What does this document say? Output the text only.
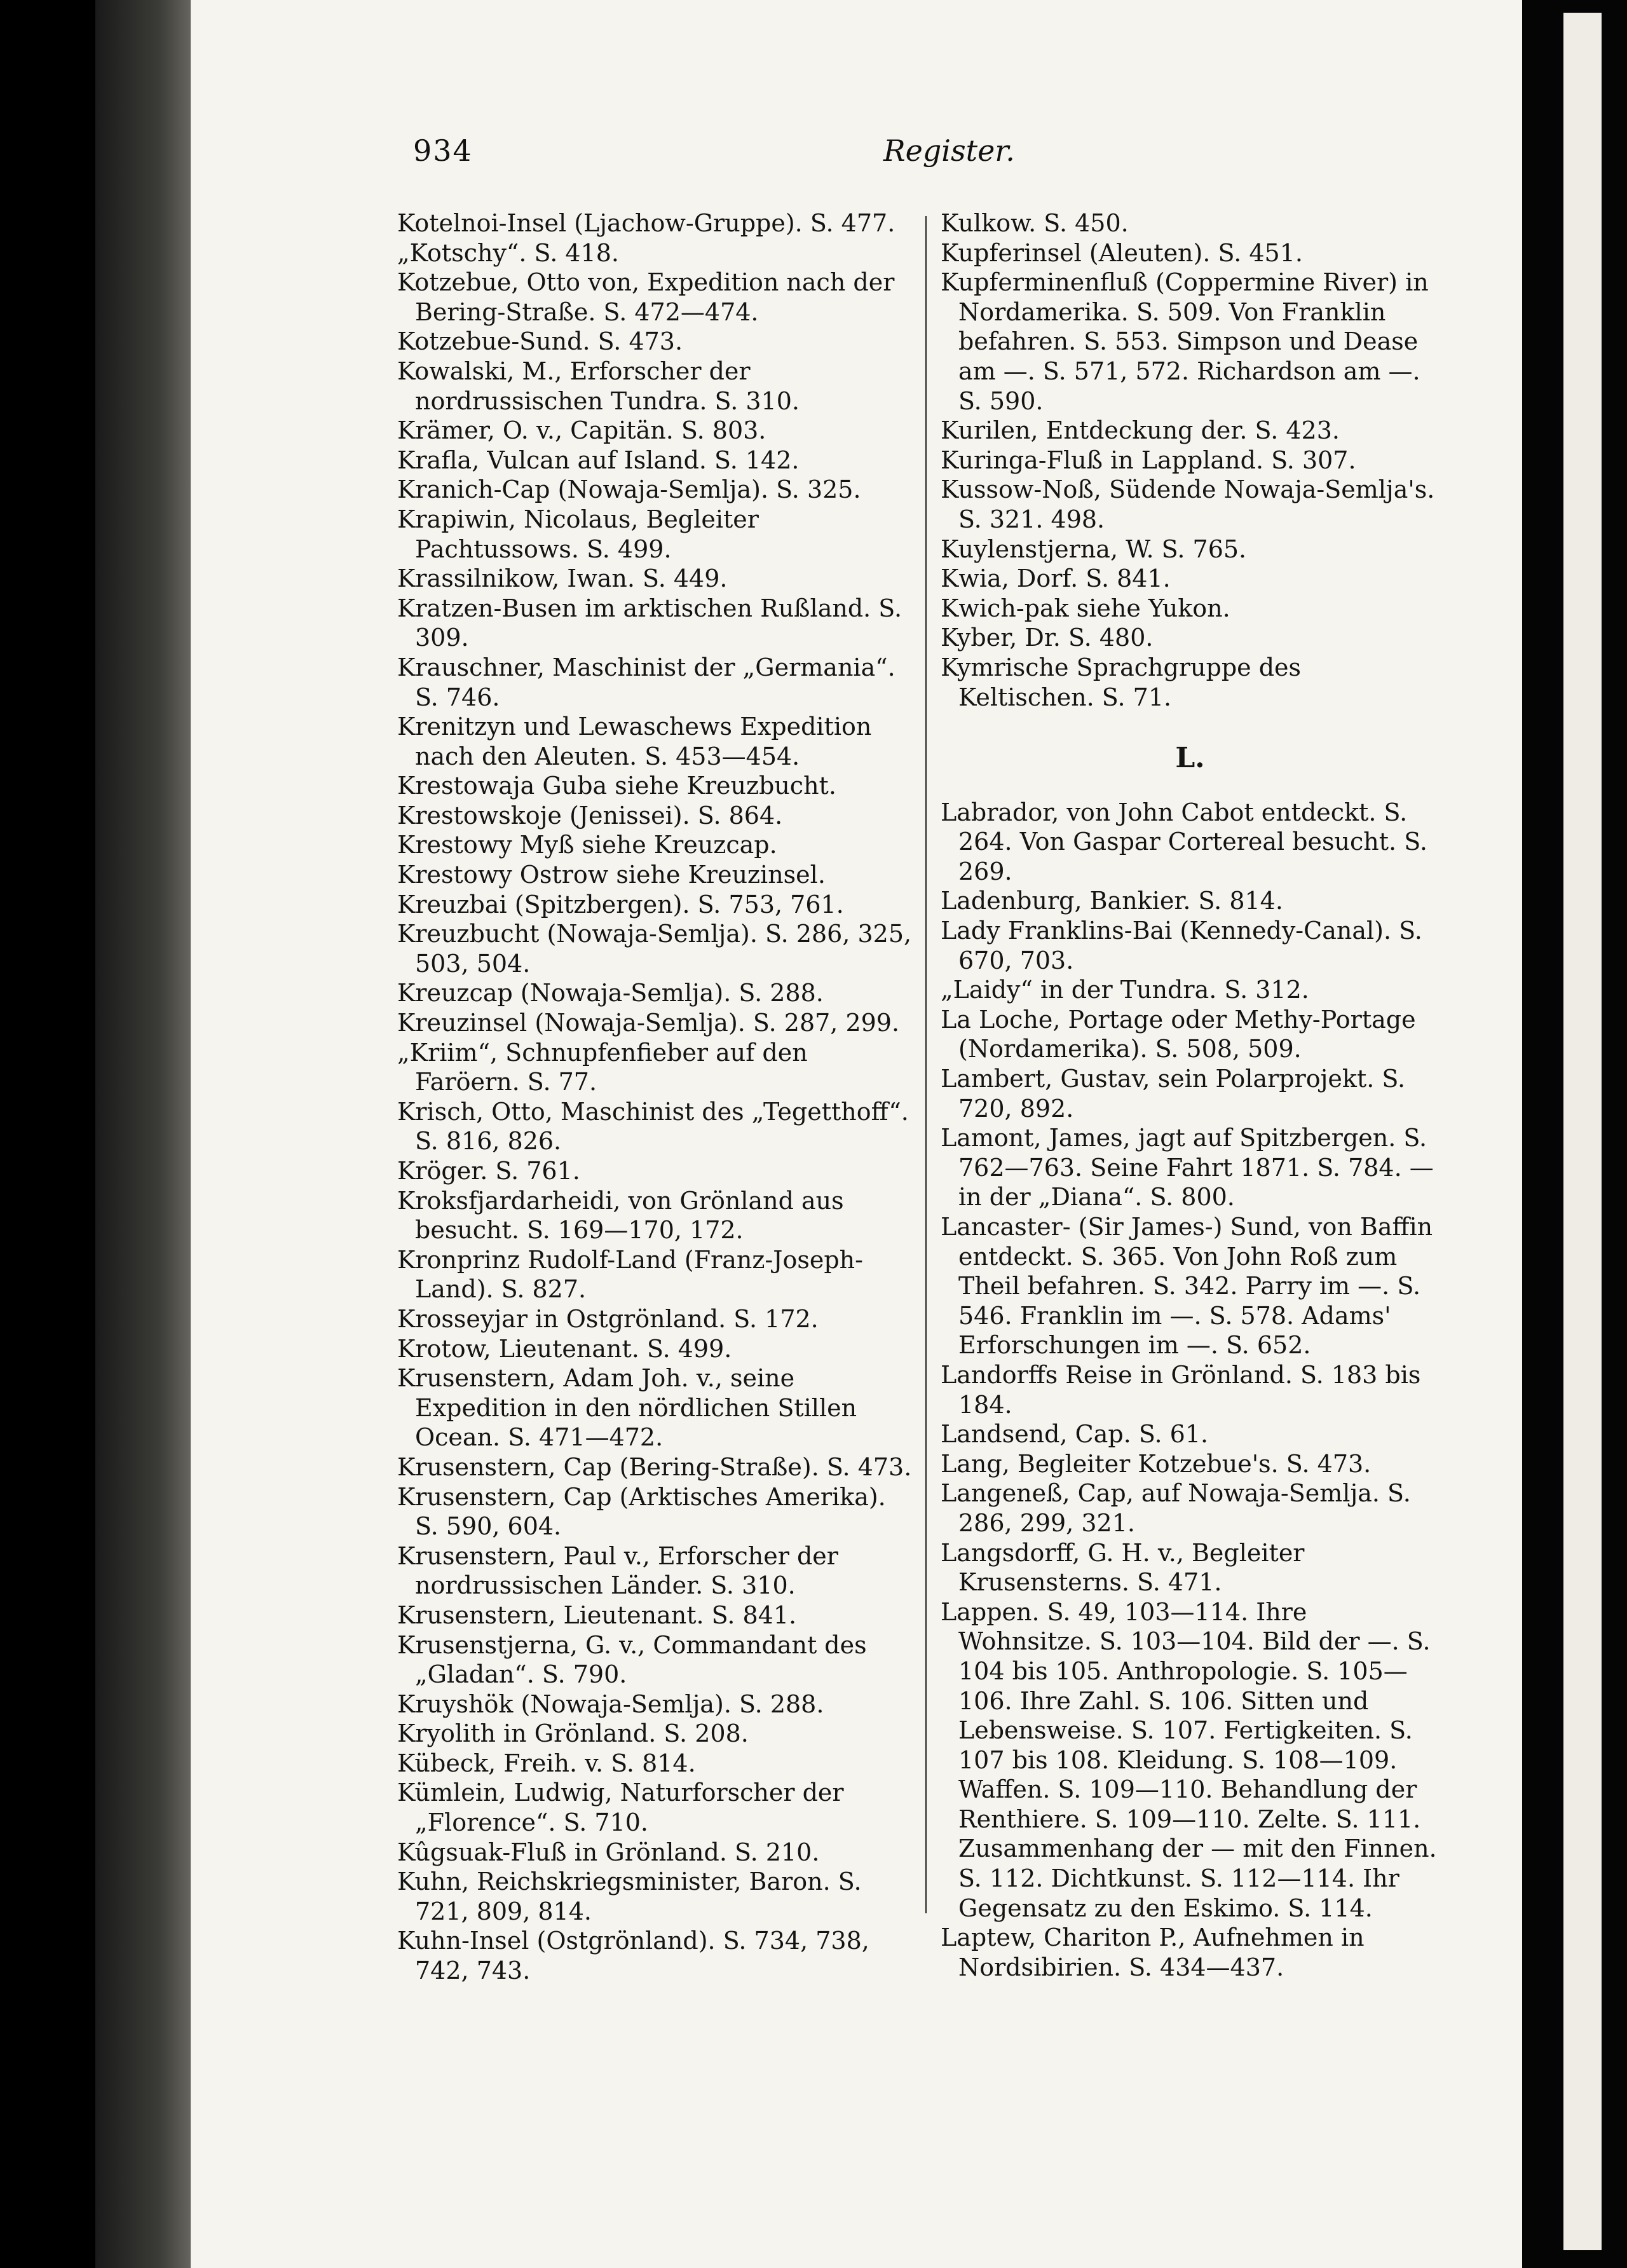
934	Register.

Kotelnoi-Insel (Ljachow-Gruppe). S. 477.

„Kotschy“. S. 418.

Kotzebue, Otto von, Expedition nach der Bering-Straße. S. 472—474.

Kotzebue-Sund. S. 473.

Kowalski, M., Erforscher der nordrussischen Tundra. S. 310.

Krämer, O. v., Capitän. S. 803.

Krafla, Vulcan auf Island. S. 142.

Kranich-Cap (Nowaja-Semlja). S. 325.

Krapiwin, Nicolaus, Begleiter Pachtussows. S. 499.

Krassilnikow, Iwan. S. 449.

Kratzen-Busen im arktischen Rußland. S. 309.

Krauschner, Maschinist der „Germania“. S. 746.

Krenitzyn und Lewaschews Expedition nach den Aleuten. S. 453—454.

Krestowaja Guba siehe Kreuzbucht.

Krestowskoje (Jenissei). S. 864.

Krestowy Myß siehe Kreuzcap.

Krestowy Ostrow siehe Kreuzinsel.

Kreuzbai (Spitzbergen). S. 753, 761.

Kreuzbucht (Nowaja-Semlja). S. 286, 325, 503, 504.

Kreuzcap (Nowaja-Semlja). S. 288.

Kreuzinsel (Nowaja-Semlja). S. 287, 299.

„Kriim“, Schnupfenfieber auf den Faröern. S. 77.

Krisch, Otto, Maschinist des „Tegetthoff“. S. 816, 826.

Kröger. S. 761.

Kroksfjardarheidi, von Grönland aus besucht. S. 169—170, 172.

Kronprinz Rudolf-Land (Franz-Joseph-Land). S. 827.

Krosseyjar in Ostgrönland. S. 172.

Krotow, Lieutenant. S. 499.

Krusenstern, Adam Joh. v., seine Expedition in den nördlichen Stillen Ocean. S. 471—472.

Krusenstern, Cap (Bering-Straße). S. 473.

Krusenstern, Cap (Arktisches Amerika). S. 590, 604.

Krusenstern, Paul v., Erforscher der nordrussischen Länder. S. 310.

Krusenstern, Lieutenant. S. 841.

Krusenstjerna, G. v., Commandant des „Gladan“. S. 790.

Kruyshök (Nowaja-Semlja). S. 288.

Kryolith in Grönland. S. 208.

Kübeck, Freih. v. S. 814.

Kümlein, Ludwig, Naturforscher der „Florence“. S. 710.

Kûgsuak-Fluß in Grönland. S. 210.

Kuhn, Reichskriegsminister, Baron. S. 721, 809, 814.

Kuhn-Insel (Ostgrönland). S. 734, 738, 742, 743.

Kulkow. S. 450.

Kupferinsel (Aleuten). S. 451.

Kupferminenfluß (Coppermine River) in Nordamerika. S. 509. Von Franklin befahren. S. 553. Simpson und Dease am —. S. 571, 572. Richardson am —. S. 590.

Kurilen, Entdeckung der. S. 423.

Kuringa-Fluß in Lappland. S. 307.

Kussow-Noß, Südende Nowaja-Semlja's. S. 321. 498.

Kuylenstjerna, W. S. 765.

Kwia, Dorf. S. 841.

Kwich-pak siehe Yukon.

Kyber, Dr. S. 480.

Kymrische Sprachgruppe des Keltischen. S. 71.

L.

Labrador, von John Cabot entdeckt. S. 264. Von Gaspar Cortereal besucht. S. 269.

Ladenburg, Bankier. S. 814.

Lady Franklins-Bai (Kennedy-Canal). S. 670, 703.

„Laidy“ in der Tundra. S. 312.

La Loche, Portage oder Methy-Portage (Nordamerika). S. 508, 509.

Lambert, Gustav, sein Polarprojekt. S. 720, 892.

Lamont, James, jagt auf Spitzbergen. S. 762—763. Seine Fahrt 1871. S. 784. — in der „Diana“. S. 800.

Lancaster- (Sir James-) Sund, von Baffin entdeckt. S. 365. Von John Roß zum Theil befahren. S. 342. Parry im —. S. 546. Franklin im —. S. 578. Adams' Erforschungen im —. S. 652.

Landorffs Reise in Grönland. S. 183 bis 184.

Landsend, Cap. S. 61.

Lang, Begleiter Kotzebue's. S. 473.

Langeneß, Cap, auf Nowaja-Semlja. S. 286, 299, 321.

Langsdorff, G. H. v., Begleiter Krusensterns. S. 471.

Lappen. S. 49, 103—114. Ihre Wohnsitze. S. 103—104. Bild der —. S. 104 bis 105. Anthropologie. S. 105—106. Ihre Zahl. S. 106. Sitten und Lebensweise. S. 107. Fertigkeiten. S. 107 bis 108. Kleidung. S. 108—109. Waffen. S. 109—110. Behandlung der Renthiere. S. 109—110. Zelte. S. 111. Zusammenhang der — mit den Finnen. S. 112. Dichtkunst. S. 112—114. Ihr Gegensatz zu den Eskimo. S. 114.

Laptew, Chariton P., Aufnehmen in Nordsibirien. S. 434—437.
